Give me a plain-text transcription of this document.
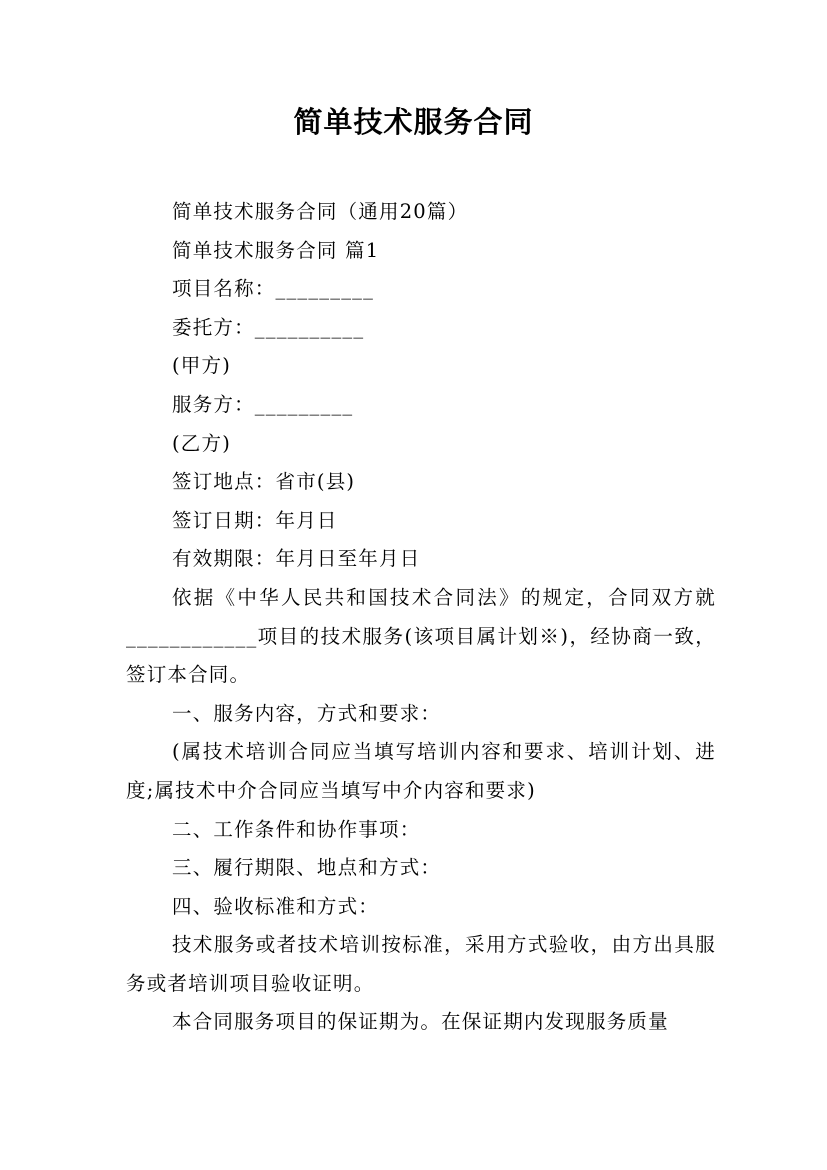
简单技术服务合同

简单技术服务合同（通用20篇）

简单技术服务合同 篇1

项目名称：_________

委托方：__________

(甲方)

服务方：_________

(乙方)

签订地点：省市(县)

签订日期：年月日

有效期限：年月日至年月日

依据《中华人民共和国技术合同法》的规定，合同双方就____________项目的技术服务(该项目属计划※)，经协商一致，签订本合同。

一、服务内容，方式和要求：

(属技术培训合同应当填写培训内容和要求、培训计划、进度;属技术中介合同应当填写中介内容和要求)

二、工作条件和协作事项：

三、履行期限、地点和方式：

四、验收标准和方式：

技术服务或者技术培训按标准，采用方式验收，由方出具服务或者培训项目验收证明。

本合同服务项目的保证期为。在保证期内发现服务质量
